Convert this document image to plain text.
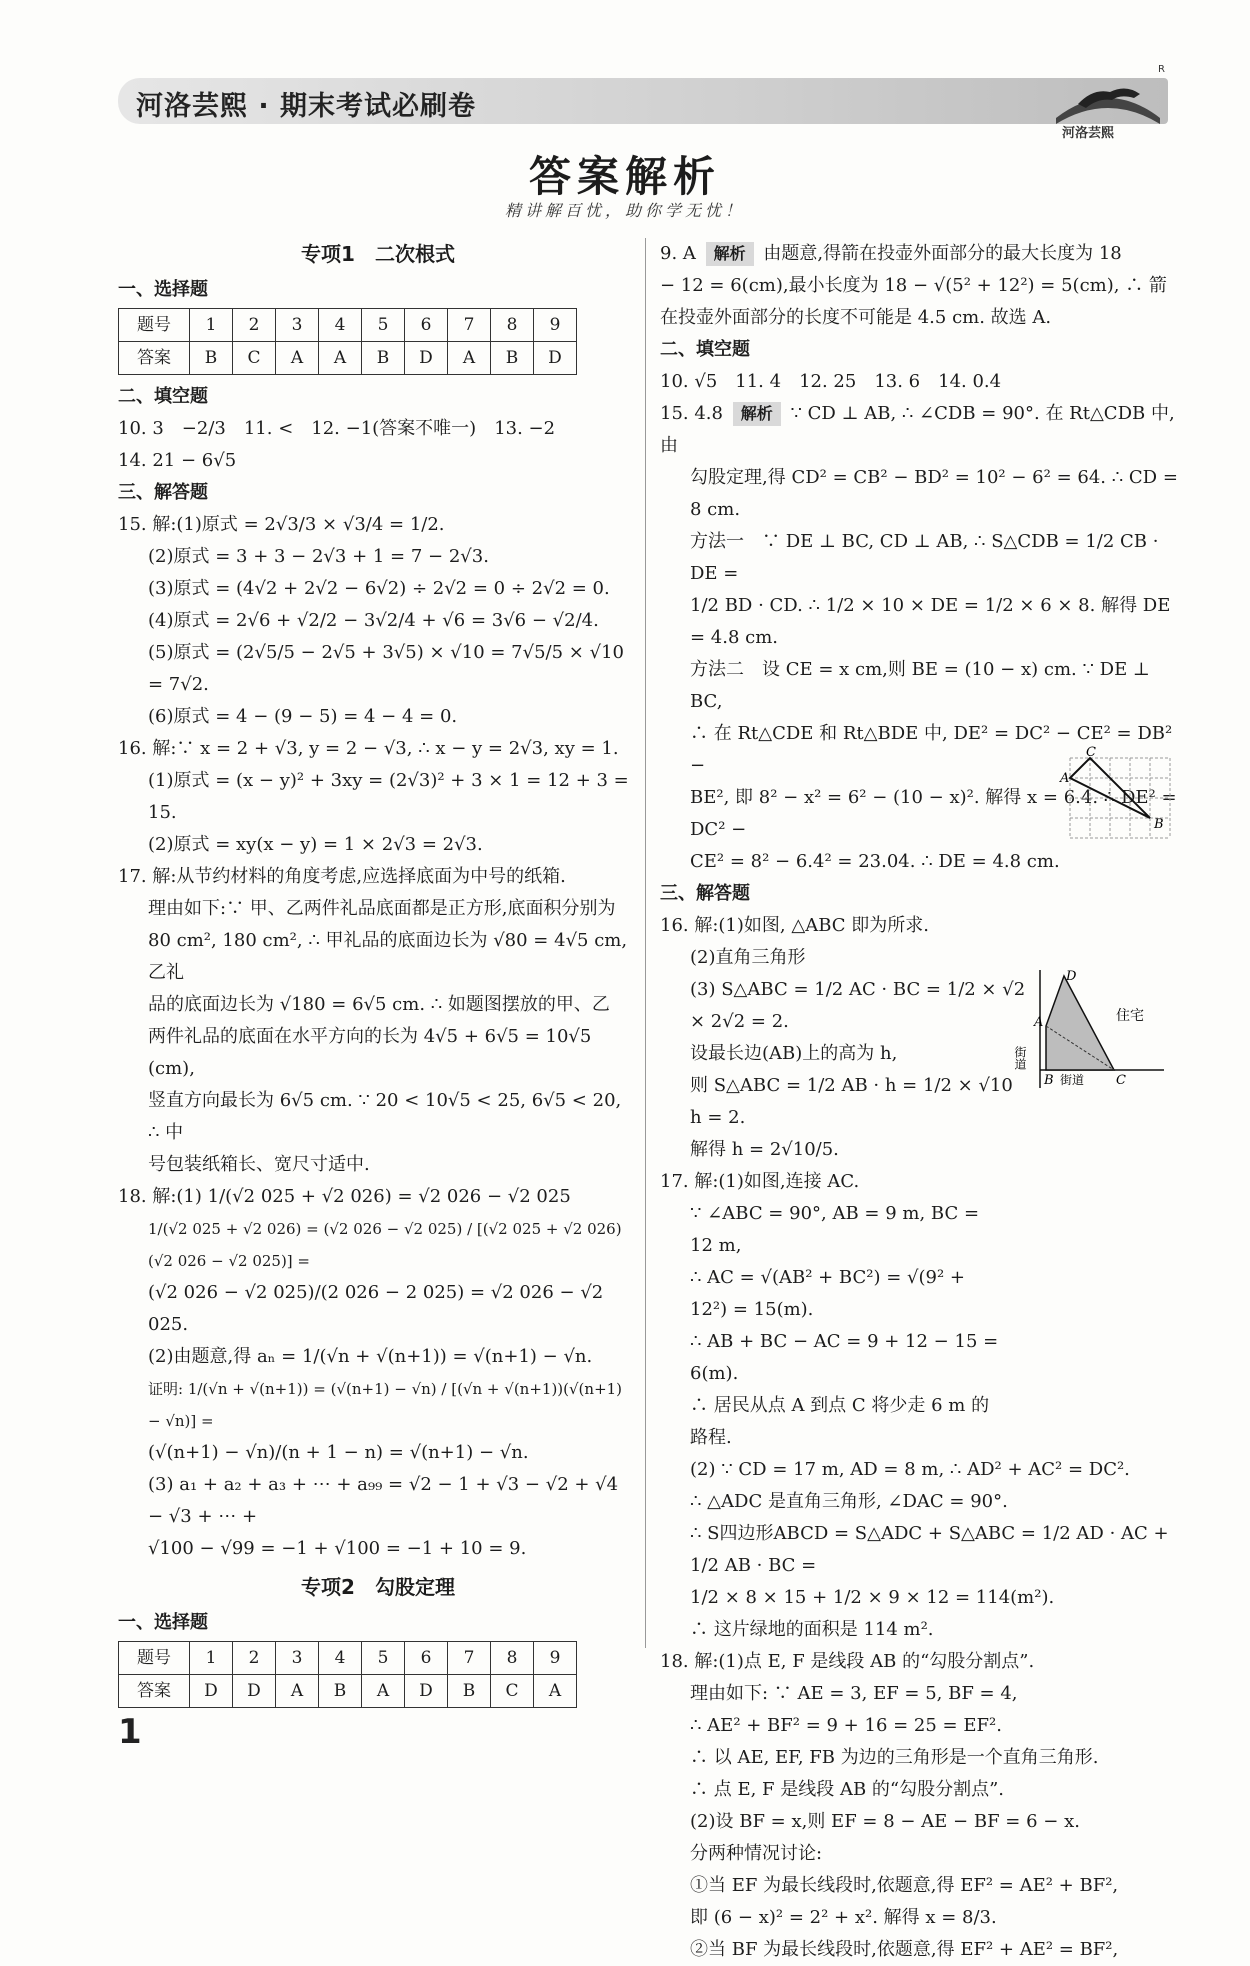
河洛芸熙 · 期末考试必刷卷
R
河洛芸熙
答案解析
精讲解百忧，助你学无忧！

专项1　二次根式

一、选择题

题号	1	2	3	4	5	6	7	8	9
答案	B	C	A	A	B	D	A	B	D

二、填空题

10. 3　−2/3　11. <　12. −1(答案不唯一)　13. −2

14. 21 − 6√5

三、解答题

15. 解:(1)原式 = 2√3/3 × √3/4 = 1/2.

(2)原式 = 3 + 3 − 2√3 + 1 = 7 − 2√3.

(3)原式 = (4√2 + 2√2 − 6√2) ÷ 2√2 = 0 ÷ 2√2 = 0.

(4)原式 = 2√6 + √2/2 − 3√2/4 + √6 = 3√6 − √2/4.

(5)原式 = (2√5/5 − 2√5 + 3√5) × √10 = 7√5/5 × √10 = 7√2.

(6)原式 = 4 − (9 − 5) = 4 − 4 = 0.

16. 解:∵ x = 2 + √3, y = 2 − √3, ∴ x − y = 2√3, xy = 1.

(1)原式 = (x − y)² + 3xy = (2√3)² + 3 × 1 = 12 + 3 = 15.

(2)原式 = xy(x − y) = 1 × 2√3 = 2√3.

17. 解:从节约材料的角度考虑,应选择底面为中号的纸箱.

理由如下:∵ 甲、乙两件礼品底面都是正方形,底面积分别为

80 cm², 180 cm², ∴ 甲礼品的底面边长为 √80 = 4√5 cm,乙礼

品的底面边长为 √180 = 6√5 cm. ∴ 如题图摆放的甲、乙

两件礼品的底面在水平方向的长为 4√5 + 6√5 = 10√5 (cm),

竖直方向最长为 6√5 cm. ∵ 20 < 10√5 < 25, 6√5 < 20, ∴ 中

号包装纸箱长、宽尺寸适中.

18. 解:(1) 1/(√2 025 + √2 026) = √2 026 − √2 025

1/(√2 025 + √2 026) = (√2 026 − √2 025) / [(√2 025 + √2 026)(√2 026 − √2 025)] =

(√2 026 − √2 025)/(2 026 − 2 025) = √2 026 − √2 025.

(2)由题意,得 aₙ = 1/(√n + √(n+1)) = √(n+1) − √n.

证明: 1/(√n + √(n+1)) = (√(n+1) − √n) / [(√n + √(n+1))(√(n+1) − √n)] =

(√(n+1) − √n)/(n + 1 − n) = √(n+1) − √n.

(3) a₁ + a₂ + a₃ + ⋯ + a₉₉ = √2 − 1 + √3 − √2 + √4 − √3 + ⋯ +

√100 − √99 = −1 + √100 = −1 + 10 = 9.

专项2　勾股定理

一、选择题

题号	1	2	3	4	5	6	7	8	9
答案	D	D	A	B	A	D	B	C	A

9. A 解析 由题意,得箭在投壶外面部分的最大长度为 18

− 12 = 6(cm),最小长度为 18 − √(5² + 12²) = 5(cm), ∴ 箭

在投壶外面部分的长度不可能是 4.5 cm. 故选 A.

二、填空题

10. √5　11. 4　12. 25　13. 6　14. 0.4

15. 4.8 解析 ∵ CD ⊥ AB, ∴ ∠CDB = 90°. 在 Rt△CDB 中,由

勾股定理,得 CD² = CB² − BD² = 10² − 6² = 64. ∴ CD = 8 cm.

方法一　∵ DE ⊥ BC, CD ⊥ AB, ∴ S△CDB = 1/2 CB · DE =

1/2 BD · CD. ∴ 1/2 × 10 × DE = 1/2 × 6 × 8. 解得 DE = 4.8 cm.

方法二　设 CE = x cm,则 BE = (10 − x) cm. ∵ DE ⊥ BC,

∴ 在 Rt△CDE 和 Rt△BDE 中, DE² = DC² − CE² = DB² −

BE², 即 8² − x² = 6² − (10 − x)². 解得 x = 6.4. ∴ DE² = DC² −

CE² = 8² − 6.4² = 23.04. ∴ DE = 4.8 cm.

三、解答题

16. 解:(1)如图, △ABC 即为所求.

(2)直角三角形

(3) S△ABC = 1/2 AC · BC = 1/2 × √2 × 2√2 = 2.

设最长边(AB)上的高为 h,

则 S△ABC = 1/2 AB · h = 1/2 × √10 h = 2.

解得 h = 2√10/5.

17. 解:(1)如图,连接 AC.

∵ ∠ABC = 90°, AB = 9 m, BC = 12 m,

∴ AC = √(AB² + BC²) = √(9² + 12²) = 15(m).

∴ AB + BC − AC = 9 + 12 − 15 = 6(m).

∴ 居民从点 A 到点 C 将少走 6 m 的路程.

(2) ∵ CD = 17 m, AD = 8 m, ∴ AD² + AC² = DC².

∴ △ADC 是直角三角形, ∠DAC = 90°.

∴ S四边形ABCD = S△ADC + S△ABC = 1/2 AD · AC + 1/2 AB · BC =

1/2 × 8 × 15 + 1/2 × 9 × 12 = 114(m²).

∴ 这片绿地的面积是 114 m².

18. 解:(1)点 E, F 是线段 AB 的“勾股分割点”.

理由如下: ∵ AE = 3, EF = 5, BF = 4,

∴ AE² + BF² = 9 + 16 = 25 = EF².

∴ 以 AE, EF, FB 为边的三角形是一个直角三角形.

∴ 点 E, F 是线段 AB 的“勾股分割点”.

(2)设 BF = x,则 EF = 8 − AE − BF = 6 − x.

分两种情况讨论:

①当 EF 为最长线段时,依题意,得 EF² = AE² + BF²,

即 (6 − x)² = 2² + x². 解得 x = 8/3.

②当 BF 为最长线段时,依题意,得 EF² + AE² = BF²,

C
A
B
D
A
B	C
住宅
街道
街道
1
